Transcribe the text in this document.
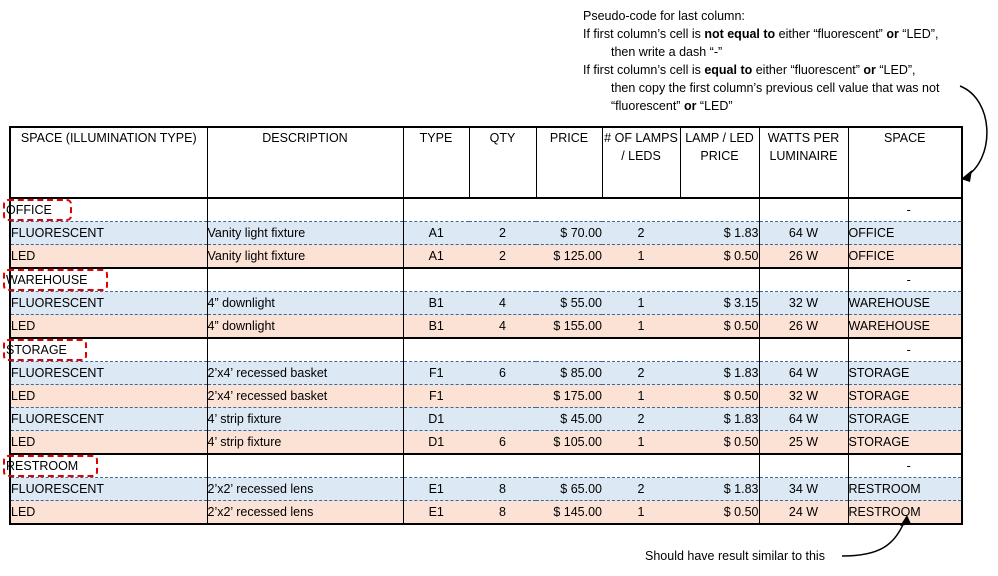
Pseudo-code for last column:
If first column’s cell is not equal to either “fluorescent” or “LED”,
then write a dash “-”
If first column’s cell is equal to either “fluorescent” or “LED”,
then copy the first column’s previous cell value that was not
“fluorescent” or “LED”
SPACE (ILLUMINATION TYPE)	DESCRIPTION	TYPE	QTY	PRICE	# OF LAMPS / LEDS	LAMP / LED PRICE	WATTS PER LUMINAIRE	SPACE
OFFICE								-
FLUORESCENT	Vanity light fixture	A1	2	$ 70.00	2	$ 1.83	64 W	OFFICE
LED	Vanity light fixture	A1	2	$ 125.00	1	$ 0.50	26 W	OFFICE
WAREHOUSE								-
FLUORESCENT	4” downlight	B1	4	$ 55.00	1	$ 3.15	32 W	WAREHOUSE
LED	4” downlight	B1	4	$ 155.00	1	$ 0.50	26 W	WAREHOUSE
STORAGE								-
FLUORESCENT	2’x4’ recessed basket	F1	6	$ 85.00	2	$ 1.83	64 W	STORAGE
LED	2’x4’ recessed basket	F1		$ 175.00	1	$ 0.50	32 W	STORAGE
FLUORESCENT	4’ strip fixture	D1		$ 45.00	2	$ 1.83	64 W	STORAGE
LED	4’ strip fixture	D1	6	$ 105.00	1	$ 0.50	25 W	STORAGE
RESTROOM								-
FLUORESCENT	2’x2’ recessed lens	E1	8	$ 65.00	2	$ 1.83	34 W	RESTROOM
LED	2’x2’ recessed lens	E1	8	$ 145.00	1	$ 0.50	24 W	RESTROOM
Should have result similar to this
